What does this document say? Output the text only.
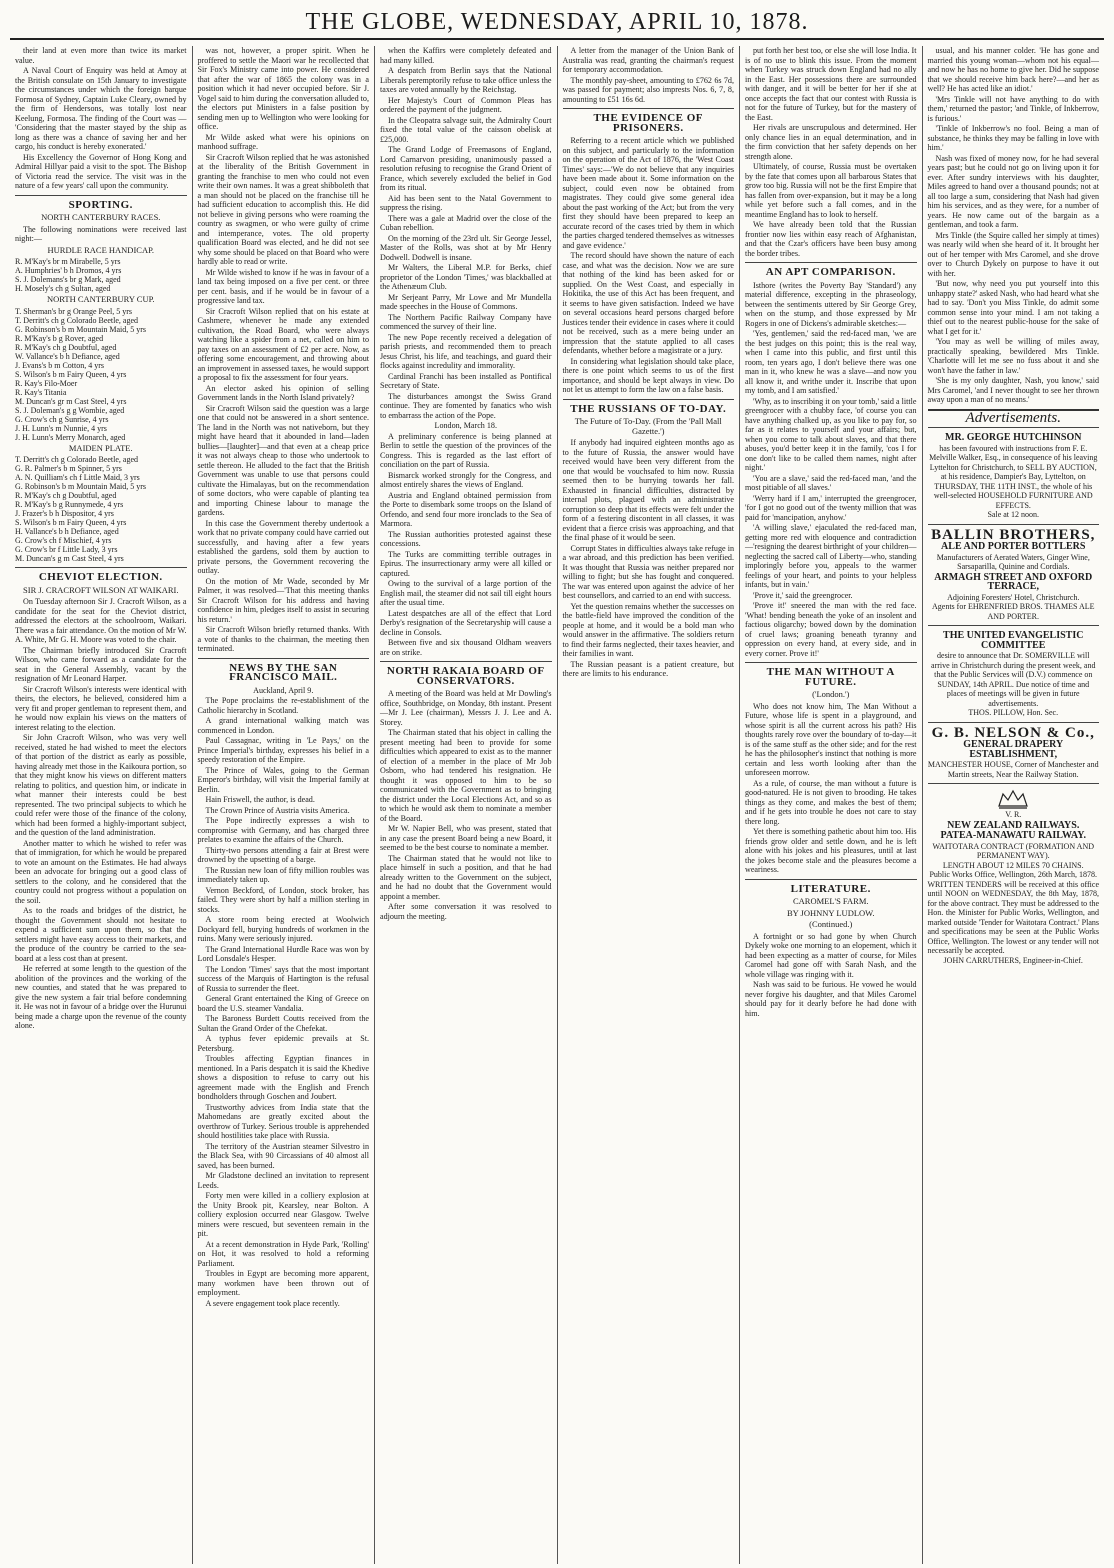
THE GLOBE, WEDNESDAY, APRIL 10, 1878.

their land at even more than twice its market value.

A Naval Court of Enquiry was held at Amoy at the British consulate on 15th January to investigate the circumstances under which the foreign barque Formosa of Sydney, Captain Luke Cleary, owned by the firm of Hendersons, was totally lost near Keelung, Formosa. The finding of the Court was — 'Considering that the master stayed by the ship as long as there was a chance of saving her and her cargo, his conduct is hereby exonerated.'

His Excellency the Governor of Hong Kong and Admiral Hillyar paid a visit to the spot. The Bishop of Victoria read the service. The visit was in the nature of a few years' call upon the community.

SPORTING.
NORTH CANTERBURY RACES.

The following nominations were received last night:—

HURDLE RACE HANDICAP.
R. M'Kay's br m Mirabelle, 5 yrs
A. Humphries' b h Dromos, 4 yrs
S. J. Dolemans's br g Mark, aged
H. Mosely's ch g Sultan, aged
NORTH CANTERBURY CUP.
T. Sherman's br g Orange Peel, 5 yrs
T. Derritt's ch g Colorado Beetle, aged
G. Robinson's b m Mountain Maid, 5 yrs
R. M'Kay's b g Rover, aged
R. M'Kay's ch g Doubtful, aged
W. Vallance's b h Defiance, aged
J. Evans's b m Cotton, 4 yrs
S. Wilson's b m Fairy Queen, 4 yrs
R. Kay's Filo-Moer
R. Kay's Titania
M. Duncan's gr m Cast Steel, 4 yrs
S. J. Doleman's g g Wombie, aged
G. Crow's ch g Sunrise, 4 yrs
J. H. Lunn's m Nunnie, 4 yrs
J. H. Lunn's Merry Monarch, aged
MAIDEN PLATE.
T. Derritt's ch g Colorado Beetle, aged
G. R. Palmer's b m Spinner, 5 yrs
A. N. Quilliam's ch f Little Maid, 3 yrs
G. Robinson's b m Mountain Maid, 5 yrs
R. M'Kay's ch g Doubtful, aged
R. M'Kay's b g Runnymede, 4 yrs
J. Frazer's b h Dispositor, 4 yrs
S. Wilson's b m Fairy Queen, 4 yrs
H. Vallance's b h Defiance, aged
G. Crow's ch f Mischief, 4 yrs
G. Crow's br f Little Lady, 3 yrs
M. Duncan's g m Cast Steel, 4 yrs
CHEVIOT ELECTION.
SIR J. CRACROFT WILSON AT WAIKARI.

On Tuesday afternoon Sir J. Cracroft Wilson, as a candidate for the seat for the Cheviot district, addressed the electors at the schoolroom, Waikari. There was a fair attendance. On the motion of Mr W. A. White, Mr G. H. Moore was voted to the chair.

The Chairman briefly introduced Sir Cracroft Wilson, who came forward as a candidate for the seat in the General Assembly, vacant by the resignation of Mr Leonard Harper.

Sir Cracroft Wilson's interests were identical with theirs, the electors, he believed, considered him a very fit and proper gentleman to represent them, and he would now explain his views on the matters of interest relating to the election.

Sir John Cracroft Wilson, who was very well received, stated he had wished to meet the electors of that portion of the district as early as possible, having already met those in the Kaikoura portion, so that they might know his views on different matters relating to politics, and question him, or indicate in what manner their interests could be best represented. The two principal subjects to which he could refer were those of the finance of the colony, which had been formed a highly-important subject, and the question of the land administration.

Another matter to which he wished to refer was that of immigration, for which he would be prepared to vote an amount on the Estimates. He had always been an advocate for bringing out a good class of settlers to the colony, and he considered that the country could not progress without a population on the soil.

As to the roads and bridges of the district, he thought the Government should not hesitate to expend a sufficient sum upon them, so that the settlers might have easy access to their markets, and the produce of the country be carried to the sea-board at a less cost than at present.

He referred at some length to the question of the abolition of the provinces and the working of the new counties, and stated that he was prepared to give the new system a fair trial before condemning it. He was not in favour of a bridge over the Hurunui being made a charge upon the revenue of the county alone.

was not, however, a proper spirit. When he proffered to settle the Maori war he recollected that Sir Fox's Ministry came into power. He considered that after the war of 1865 the colony was in a position which it had never occupied before. Sir J. Vogel said to him during the conversation alluded to, the electors put Ministers in a false position by sending men up to Wellington who were looking for office.

Mr Wilde asked what were his opinions on manhood suffrage.

Sir Cracroft Wilson replied that he was astonished at the liberality of the British Government in granting the franchise to men who could not even write their own names. It was a great shibboleth that a man should not be placed on the franchise till he had sufficient education to accomplish this. He did not believe in giving persons who were roaming the country as swagmen, or who were guilty of crime and intemperance, votes. The old property qualification Board was elected, and he did not see why some should be placed on that Board who were hardly able to read or write.

Mr Wilde wished to know if he was in favour of a land tax being imposed on a five per cent. or three per cent. basis, and if he would be in favour of a progressive land tax.

Sir Cracroft Wilson replied that on his estate at Cashmere, whenever he made any extended cultivation, the Road Board, who were always watching like a spider from a net, called on him to pay taxes on an assessment of £2 per acre. Now, as offering some encouragement, and throwing about an improvement in assessed taxes, he would support a proposal to fix the assessment for four years.

An elector asked his opinion of selling Government lands in the North Island privately?

Sir Cracroft Wilson said the question was a large one that could not be answered in a short sentence. The land in the North was not nativeborn, but they might have heard that it abounded in land—laden bullies—[laughter]—and that even at a cheap price it was not always cheap to those who undertook to settle thereon. He alluded to the fact that the British Government was unable to use that persons could cultivate the Himalayas, but on the recommendation of some doctors, who were capable of planting tea and importing Chinese labour to manage the gardens.

In this case the Government thereby undertook a work that no private company could have carried out successfully, and having after a few years established the gardens, sold them by auction to private persons, the Government recovering the outlay.

On the motion of Mr Wade, seconded by Mr Palmer, it was resolved—'That this meeting thanks Sir Cracroft Wilson for his address and having confidence in him, pledges itself to assist in securing his return.'

Sir Cracroft Wilson briefly returned thanks. With a vote of thanks to the chairman, the meeting then terminated.

NEWS BY THE SAN FRANCISCO MAIL.

Auckland, April 9.

The Pope proclaims the re-establishment of the Catholic hierarchy in Scotland.

A grand international walking match was commenced in London.

Paul Cassagnac, writing in 'Le Pays,' on the Prince Imperial's birthday, expresses his belief in a speedy restoration of the Empire.

The Prince of Wales, going to the German Emperor's birthday, will visit the Imperial family at Berlin.

Hain Friswell, the author, is dead.

The Crown Prince of Austria visits America.

The Pope indirectly expresses a wish to compromise with Germany, and has charged three prelates to examine the affairs of the Church.

Thirty-two persons attending a fair at Brest were drowned by the upsetting of a barge.

The Russian new loan of fifty million roubles was immediately taken up.

Vernon Beckford, of London, stock broker, has failed. They were short by half a million sterling in stocks.

A store room being erected at Woolwich Dockyard fell, burying hundreds of workmen in the ruins. Many were seriously injured.

The Grand International Hurdle Race was won by Lord Lonsdale's Hesper.

The London 'Times' says that the most important success of the Marquis of Hartington is the refusal of Russia to surrender the fleet.

General Grant entertained the King of Greece on board the U.S. steamer Vandalia.

The Baroness Burdett Coutts received from the Sultan the Grand Order of the Chefekat.

A typhus fever epidemic prevails at St. Petersburg.

Troubles affecting Egyptian finances in mentioned. In a Paris despatch it is said the Khedive shows a disposition to refuse to carry out his agreement made with the English and French bondholders through Goschen and Joubert.

Trustworthy advices from India state that the Mahomedans are greatly excited about the overthrow of Turkey. Serious trouble is apprehended should hostilities take place with Russia.

The territory of the Austrian steamer Silvestro in the Black Sea, with 90 Circassians of 40 almost all saved, has been burned.

Mr Gladstone declined an invitation to represent Leeds.

Forty men were killed in a colliery explosion at the Unity Brook pit, Kearsley, near Bolton. A colliery explosion occurred near Glasgow. Twelve miners were rescued, but seventeen remain in the pit.

At a recent demonstration in Hyde Park, 'Rolling' on Hot, it was resolved to hold a reforming Parliament.

Troubles in Egypt are becoming more apparent, many workmen have been thrown out of employment.

A severe engagement took place recently.

when the Kaffirs were completely defeated and had many killed.

A despatch from Berlin says that the National Liberals peremptorily refuse to take office unless the taxes are voted annually by the Reichstag.

Her Majesty's Court of Common Pleas has ordered the payment of the judgment.

In the Cleopatra salvage suit, the Admiralty Court fixed the total value of the caisson obelisk at £25,000.

The Grand Lodge of Freemasons of England, Lord Carnarvon presiding, unanimously passed a resolution refusing to recognise the Grand Orient of France, which severely excluded the belief in God from its ritual.

Aid has been sent to the Natal Government to suppress the rising.

There was a gale at Madrid over the close of the Cuban rebellion.

On the morning of the 23rd ult. Sir George Jessel, Master of the Rolls, was shot at by Mr Henry Dodwell. Dodwell is insane.

Mr Walters, the Liberal M.P. for Berks, chief proprietor of the London 'Times,' was blackballed at the Athenæum Club.

Mr Serjeant Parry, Mr Lowe and Mr Mundella made speeches in the House of Commons.

The Northern Pacific Railway Company have commenced the survey of their line.

The new Pope recently received a delegation of parish priests, and recommended them to preach Jesus Christ, his life, and teachings, and guard their flocks against incredulity and immorality.

Cardinal Franchi has been installed as Pontifical Secretary of State.

The disturbances amongst the Swiss Grand continue. They are fomented by fanatics who wish to embarrass the action of the Pope.

London, March 18.

A preliminary conference is being planned at Berlin to settle the question of the provinces of the Congress. This is regarded as the last effort of conciliation on the part of Russia.

Bismarck worked strongly for the Congress, and almost entirely shares the views of England.

Austria and England obtained permission from the Porte to disembark some troops on the Island of Orfendo, and send four more ironclads to the Sea of Marmora.

The Russian authorities protested against these concessions.

The Turks are committing terrible outrages in Epirus. The insurrectionary army were all killed or captured.

Owing to the survival of a large portion of the English mail, the steamer did not sail till eight hours after the usual time.

Latest despatches are all of the effect that Lord Derby's resignation of the Secretaryship will cause a decline in Consols.

Between five and six thousand Oldham weavers are on strike.

NORTH RAKAIA BOARD OF CONSERVATORS.

A meeting of the Board was held at Mr Dowling's office, Southbridge, on Monday, 8th instant. Present—Mr J. Lee (chairman), Messrs J. J. Lee and A. Storey.

The Chairman stated that his object in calling the present meeting had been to provide for some difficulties which appeared to exist as to the manner of election of a member in the place of Mr Job Osborn, who had tendered his resignation. He thought it was opposed to him to be so communicated with the Government as to bringing the district under the Local Elections Act, and so as to which he would ask them to nominate a member of the Board.

Mr W. Napier Bell, who was present, stated that in any case the present Board being a new Board, it seemed to be the best course to nominate a member.

The Chairman stated that he would not like to place himself in such a position, and that he had already written to the Government on the subject, and he had no doubt that the Government would appoint a member.

After some conversation it was resolved to adjourn the meeting.

A letter from the manager of the Union Bank of Australia was read, granting the chairman's request for temporary accommodation.

The monthly pay-sheet, amounting to £762 6s 7d, was passed for payment; also imprests Nos. 6, 7, 8, amounting to £51 16s 6d.

THE EVIDENCE OF PRISONERS.

Referring to a recent article which we published on this subject, and particularly to the information on the operation of the Act of 1876, the 'West Coast Times' says:—'We do not believe that any inquiries have been made about it. Some information on the subject, could even now be obtained from magistrates. They could give some general idea about the past working of the Act; but from the very first they should have been prepared to keep an accurate record of the cases tried by them in which the parties charged tendered themselves as witnesses and gave evidence.'

The record should have shown the nature of each case, and what was the decision. Now we are sure that nothing of the kind has been asked for or supplied. On the West Coast, and especially in Hokitika, the use of this Act has been frequent, and it seems to have given satisfaction. Indeed we have on several occasions heard persons charged before Justices tender their evidence in cases where it could not be received, such as a mere being under an impression that the statute applied to all cases defendants, whether before a magistrate or a jury.

In considering what legislation should take place, there is one point which seems to us of the first importance, and should be kept always in view. Do not let us attempt to form the law on a false basis.

THE RUSSIANS OF TO-DAY.
The Future of To-Day. (From the 'Pall Mall Gazette.')

If anybody had inquired eighteen months ago as to the future of Russia, the answer would have received would have been very different from the one that would be vouchsafed to him now. Russia seemed then to be hurrying towards her fall. Exhausted in financial difficulties, distracted by internal plots, plagued with an administrative corruption so deep that its effects were felt under the form of a festering discontent in all classes, it was evident that a fierce crisis was approaching, and that the final phase of it would be seen.

Corrupt States in difficulties always take refuge in a war abroad, and this prediction has been verified. It was thought that Russia was neither prepared nor willing to fight; but she has fought and conquered. The war was entered upon against the advice of her best counsellors, and carried to an end with success.

Yet the question remains whether the successes on the battle-field have improved the condition of the people at home, and it would be a bold man who would answer in the affirmative. The soldiers return to find their farms neglected, their taxes heavier, and their families in want.

The Russian peasant is a patient creature, but there are limits to his endurance.

put forth her best too, or else she will lose India. It is of no use to blink this issue. From the moment when Turkey was struck down England had no ally in the East. Her possessions there are surrounded with danger, and it will be better for her if she at once accepts the fact that our contest with Russia is not for the future of Turkey, but for the mastery of the East.

Her rivals are unscrupulous and determined. Her only chance lies in an equal determination, and in the firm conviction that her safety depends on her strength alone.

Ultimately, of course, Russia must be overtaken by the fate that comes upon all barbarous States that grow too big. Russia will not be the first Empire that has fallen from over-expansion, but it may be a long while yet before such a fall comes, and in the meantime England has to look to herself.

We have already been told that the Russian frontier now lies within easy reach of Afghanistan, and that the Czar's officers have been busy among the border tribes.

AN APT COMPARISON.

Isthore (writes the Poverty Bay 'Standard') any material difference, excepting in the phraseology, between the sentiments uttered by Sir George Grey, when on the stump, and those expressed by Mr Rogers in one of Dickens's admirable sketches:—

'Yes, gentlemen,' said the red-faced man, 'we are the best judges on this point; this is the real way, when I came into this public, and first until this room, ten years ago, I don't believe there was one man in it, who knew he was a slave—and now you all know it, and writhe under it. Inscribe that upon my tomb, and I am satisfied.'

'Why, as to inscribing it on your tomb,' said a little greengrocer with a chubby face, 'of course you can have anything chalked up, as you like to pay for, so far as it relates to yourself and your affairs; but, when you come to talk about slaves, and that there abuses, you'd better keep it in the family, 'cos I for one don't like to be called them names, night after night.'

'You are a slave,' said the red-faced man, 'and the most pitiable of all slaves.'

'Werry hard if I am,' interrupted the greengrocer, 'for I got no good out of the twenty million that was paid for 'mancipation, anyhow.'

'A willing slave,' ejaculated the red-faced man, getting more red with eloquence and contradiction—'resigning the dearest birthright of your children—neglecting the sacred call of Liberty—who, standing imploringly before you, appeals to the warmer feelings of your heart, and points to your helpless infants, but in vain.'

'Prove it,' said the greengrocer.

'Prove it!' sneered the man with the red face. 'What! bending beneath the yoke of an insolent and factious oligarchy; bowed down by the domination of cruel laws; groaning beneath tyranny and oppression on every hand, at every side, and in every corner. Prove it!'

THE MAN WITHOUT A FUTURE.
('London.')

Who does not know him, The Man Without a Future, whose life is spent in a playground, and whose spirit is all the current across his path? His thoughts rarely rove over the boundary of to-day—it is of the same stuff as the other side; and for the rest he has the philosopher's instinct that nothing is more certain and less worth looking after than the unforeseen morrow.

As a rule, of course, the man without a future is good-natured. He is not given to brooding. He takes things as they come, and makes the best of them; and if he gets into trouble he does not care to stay there long.

Yet there is something pathetic about him too. His friends grow older and settle down, and he is left alone with his jokes and his pleasures, until at last the jokes become stale and the pleasures become a weariness.

LITERATURE.
CAROMEL'S FARM.
BY JOHNNY LUDLOW.
(Continued.)

A fortnight or so had gone by when Church Dykely woke one morning to an elopement, which it had been expecting as a matter of course, for Miles Caromel had gone off with Sarah Nash, and the whole village was ringing with it.

Nash was said to be furious. He vowed he would never forgive his daughter, and that Miles Caromel should pay for it dearly before he had done with him.

usual, and his manner colder. 'He has gone and married this young woman—whom not his equal—and now he has no home to give her. Did he suppose that we should receive him back here?—and her as well? He has acted like an idiot.'

'Mrs Tinkle will not have anything to do with them,' returned the pastor; 'and Tinkle, of Inkberrow, is furious.'

'Tinkle of Inkberrow's no fool. Being a man of substance, he thinks they may be falling in love with him.'

Nash was fixed of money now, for he had several years past; but he could not go on living upon it for ever. After sundry interviews with his daughter, Miles agreed to hand over a thousand pounds; not at all too large a sum, considering that Nash had given him his services, and as they were, for a number of years. He now came out of the bargain as a gentleman, and took a farm.

Mrs Tinkle (the Squire called her simply at times) was nearly wild when she heard of it. It brought her out of her temper with Mrs Caromel, and she drove over to Church Dykely on purpose to have it out with her.

'But now, why need you put yourself into this unhappy state?' asked Nash, who had heard what she had to say. 'Don't you Miss Tinkle, do admit some common sense into your mind. I am not taking a thief out to the nearest public-house for the sake of what I get for it.'

'You may as well be willing of miles away, practically speaking, bewildered Mrs Tinkle. 'Charlotte will let me see no fuss about it and she won't have the father in law.'

'She is my only daughter, Nash, you know,' said Mrs Caromel, 'and I never thought to see her thrown away upon a man of no means.'

Advertisements.
MR. GEORGE HUTCHINSON
has been favoured with instructions from F. E. Melville Walker, Esq., in consequence of his leaving Lyttelton for Christchurch, to SELL BY AUCTION, at his residence, Dampier's Bay, Lyttelton, on THURSDAY, THE 11TH INST., the whole of his well-selected HOUSEHOLD FURNITURE AND EFFECTS.
Sale at 12 noon.
BALLIN BROTHERS,
ALE AND PORTER BOTTLERS
Manufacturers of Aerated Waters, Ginger Wine, Sarsaparilla, Quinine and Cordials.
ARMAGH STREET AND OXFORD TERRACE,
Adjoining Foresters' Hotel, Christchurch.
Agents for EHRENFRIED BROS. THAMES ALE AND PORTER.
THE UNITED EVANGELISTIC COMMITTEE
desire to announce that Dr. SOMERVILLE will arrive in Christchurch during the present week, and that the Public Services will (D.V.) commence on SUNDAY, 14th APRIL. Due notice of time and places of meetings will be given in future advertisements.
THOS. PILLOW, Hon. Sec.
G. B. NELSON & Co.,
GENERAL DRAPERY ESTABLISHMENT,
MANCHESTER HOUSE, Corner of Manchester and Martin streets, Near the Railway Station.
V. R.
NEW ZEALAND RAILWAYS.
PATEA-MANAWATU RAILWAY.
WAITOTARA CONTRACT (FORMATION AND PERMANENT WAY).
LENGTH ABOUT 12 MILES 70 CHAINS.
Public Works Office, Wellington, 26th March, 1878.
WRITTEN TENDERS will be received at this office until NOON on WEDNESDAY, the 8th May, 1878, for the above contract. They must be addressed to the Hon. the Minister for Public Works, Wellington, and marked outside 'Tender for Waitotara Contract.' Plans and specifications may be seen at the Public Works Office, Wellington. The lowest or any tender will not necessarily be accepted.
JOHN CARRUTHERS, Engineer-in-Chief.
